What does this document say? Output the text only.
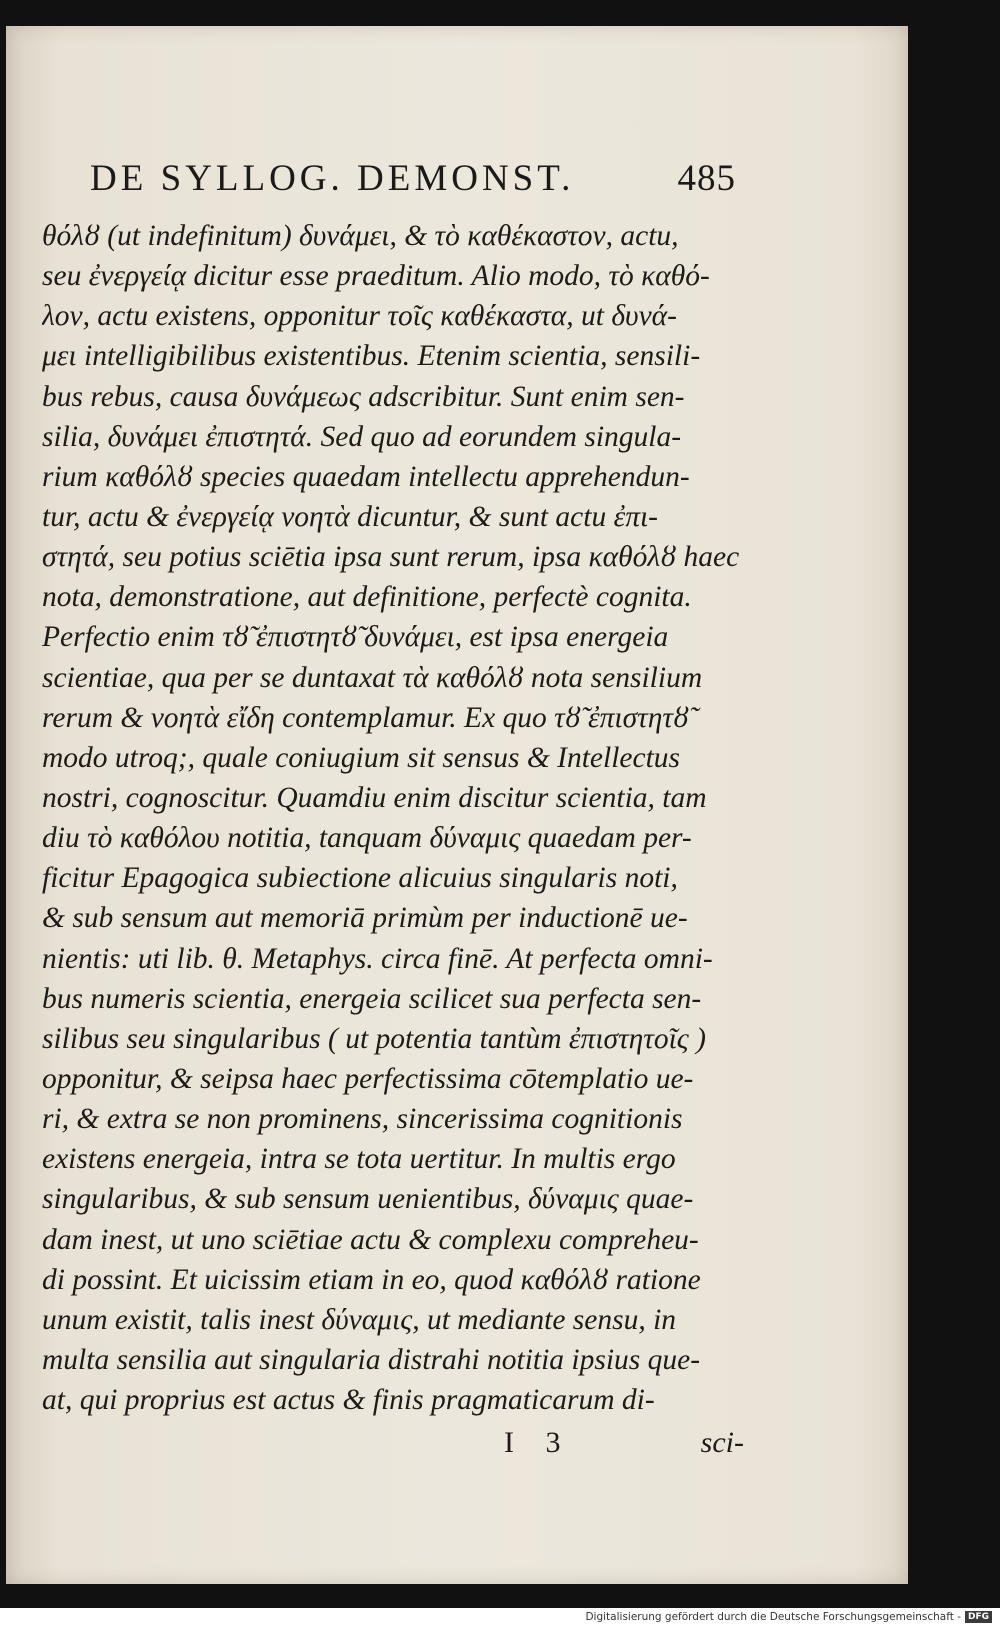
DE SYLLOG. DEMONST.	485
θόλȣ (ut indefinitum) δυνάμει, & τὸ καθέκαστον, actu,
seu ἐνεργείᾳ dicitur esse praeditum. Alio modo, τὸ καθό-
λον, actu existens, opponitur τοῖς καθέκαστα, ut δυνά-
μει intelligibilibus existentibus. Etenim scientia, sensili-
bus rebus, causa δυνάμεως adscribitur. Sunt enim sen-
silia, δυνάμει ἐπιστητά. Sed quo ad eorundem singula-
rium καθόλȣ species quaedam intellectu apprehendun-
tur, actu & ἐνεργείᾳ νοητὰ dicuntur, & sunt actu ἐπι-
στητά, seu potius sciētia ipsa sunt rerum, ipsa καθόλȣ haec
nota, demonstratione, aut definitione, perfectè cognita.
Perfectio enim τȣ̃ ἐπιστητȣ̃ δυνάμει, est ipsa energeia
scientiae, qua per se duntaxat τὰ καθόλȣ nota sensilium
rerum & νοητὰ εἴδη contemplamur. Ex quo τȣ̃ ἐπιστητȣ̃
modo utroq;, quale coniugium sit sensus & Intellectus
nostri, cognoscitur. Quamdiu enim discitur scientia, tam
diu τὸ καθόλου notitia, tanquam δύναμις quaedam per-
ficitur Epagogica subiectione alicuius singularis noti,
& sub sensum aut memoriā primùm per inductionē ue-
nientis: uti lib. θ. Metaphys. circa finē. At perfecta omni-
bus numeris scientia, energeia scilicet sua perfecta sen-
silibus seu singularibus ( ut potentia tantùm ἐπιστητοῖς )
opponitur, & seipsa haec perfectissima cōtemplatio ue-
ri, & extra se non prominens, sincerissima cognitionis
existens energeia, intra se tota uertitur. In multis ergo
singularibus, & sub sensum uenientibus, δύναμις quae-
dam inest, ut uno sciētiae actu & complexu compreheu-
di possint. Et uicissim etiam in eo, quod καθόλȣ ratione
unum existit, talis inest δύναμις, ut mediante sensu, in
multa sensilia aut singularia distrahi notitia ipsius que-
at, qui proprius est actus & finis pragmaticarum di-
I 3	sci-
Digitalisierung gefördert durch die Deutsche Forschungsgemeinschaft - DFG
